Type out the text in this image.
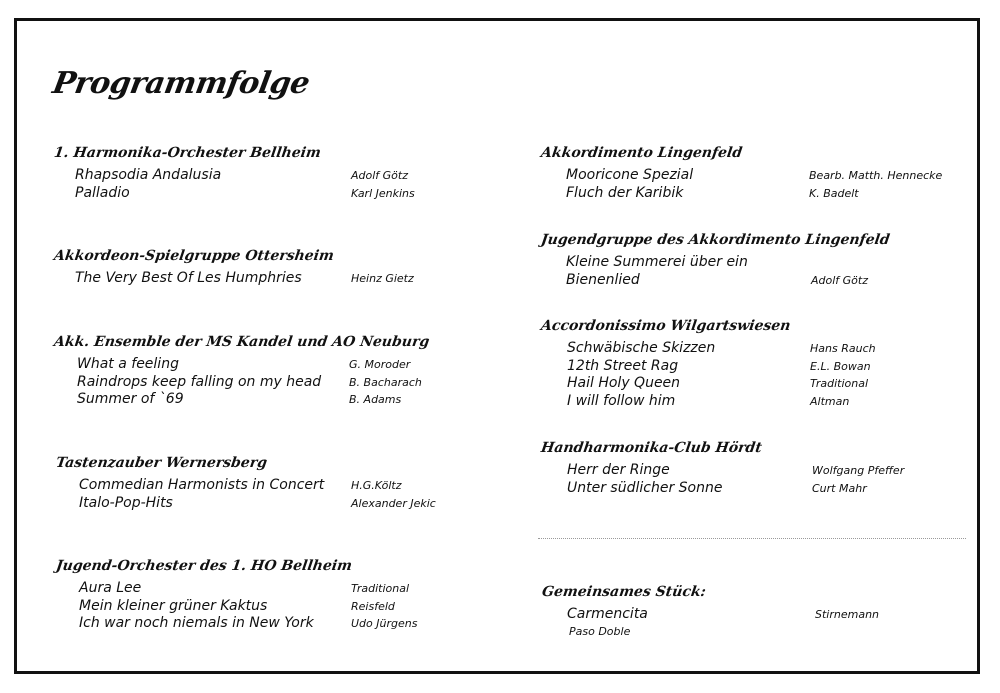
Programmfolge
1. Harmonika-Orchester Bellheim
Rhapsodia Andalusia	Adolf Götz
Palladio	Karl Jenkins
Akkordeon-Spielgruppe Ottersheim
The Very Best Of Les Humphries	Heinz Gietz
Akk. Ensemble der MS Kandel und AO Neuburg
What a feeling	G. Moroder
Raindrops keep falling on my head	B. Bacharach
Summer of `69	B. Adams
Tastenzauber Wernersberg
Commedian Harmonists in Concert H.G.Költz
Italo-Pop-Hits	Alexander Jekic
Jugend-Orchester des 1. HO Bellheim
Aura Lee	Traditional
Mein kleiner grüner Kaktus	Reisfeld
Ich war noch niemals in New York	Udo Jürgens
Akkordimento Lingenfeld
Mooricone Spezial	Bearb. Matth. Hennecke
Fluch der Karibik	K. Badelt
Jugendgruppe des Akkordimento Lingenfeld
Kleine Summerei über ein
Bienenlied	Adolf Götz
Accordonissimo Wilgartswiesen
Schwäbische Skizzen	Hans Rauch
12th Street Rag	E.L. Bowan
Hail Holy Queen	Traditional
I will follow him	Altman
Handharmonika-Club Hördt
Herr der Ringe	Wolfgang Pfeffer
Unter südlicher Sonne	Curt Mahr
Gemeinsames Stück:
Carmencita	Stirnemann
Paso Doble
